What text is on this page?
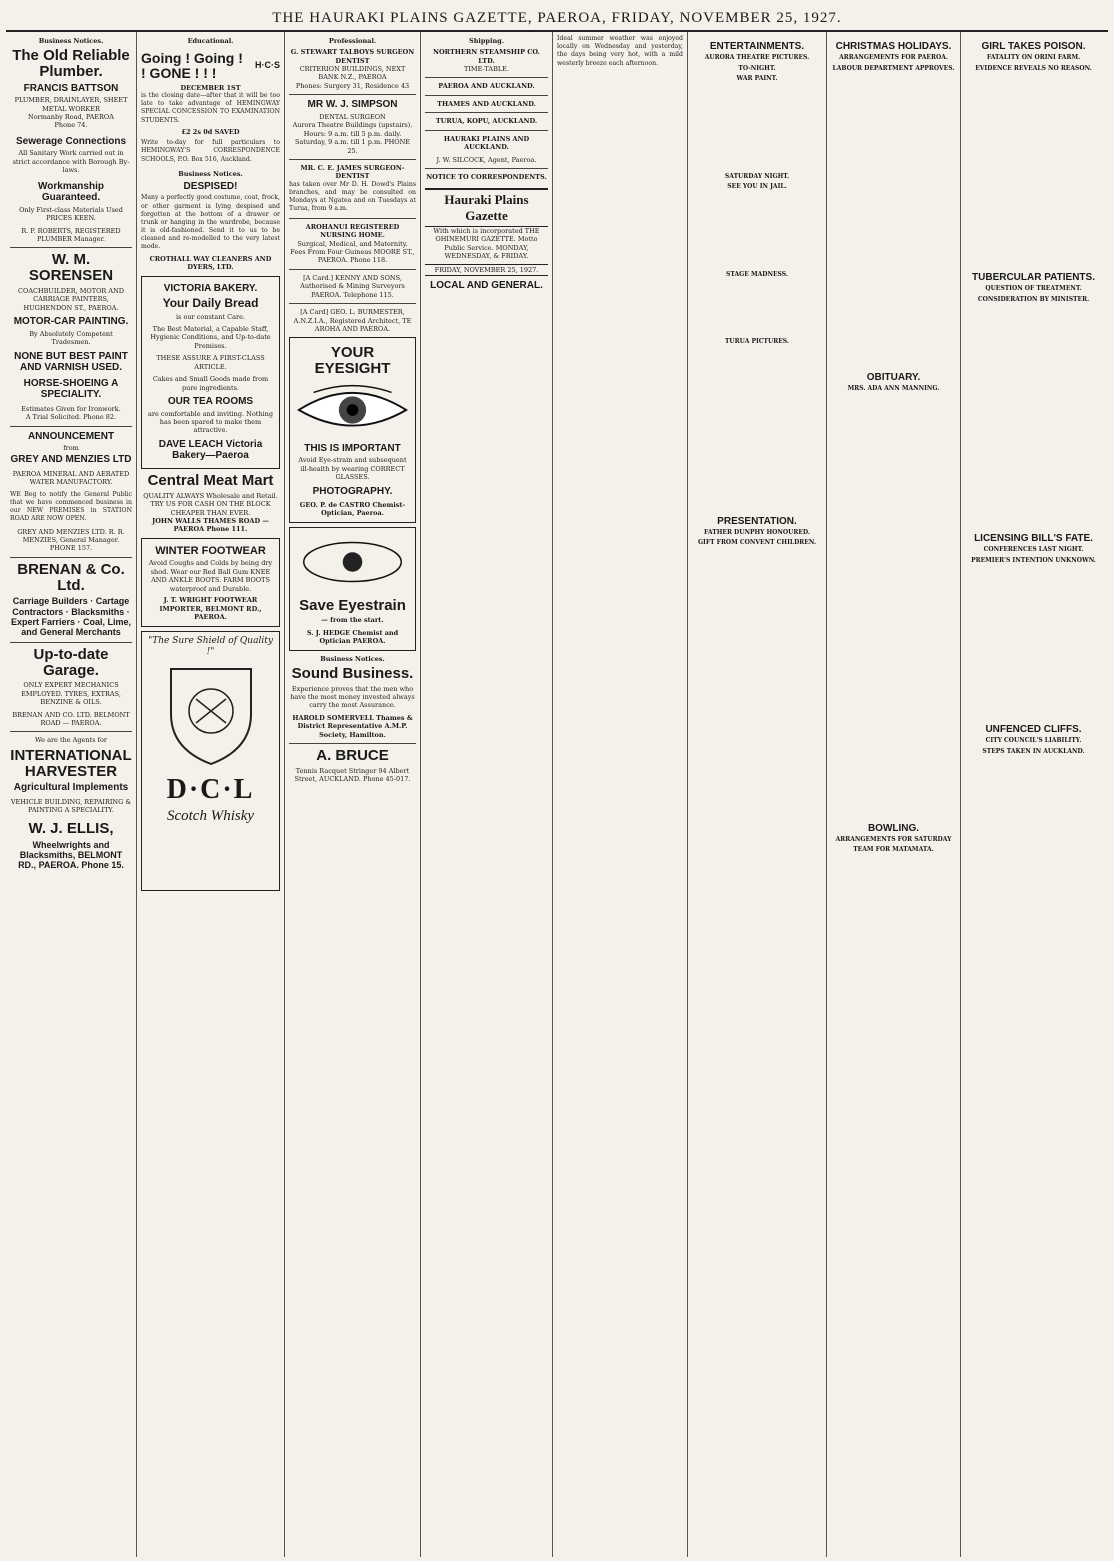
THE HAURAKI PLAINS GAZETTE, PAEROA, FRIDAY, NOVEMBER 25, 1927.
Business Notices.
The Old Reliable Plumber.
FRANCIS BATTSON
PLUMBER, DRAINLAYER, SHEET METAL WORKER
Normanby Road, PAEROA
Phone 74.
Sewerage Connections
All Sanitary Work carried out in strict accordance with Borough By-laws.
Workmanship Guaranteed.
Only First-class Materials Used PRICES KEEN.
R. P. ROBERTS, REGISTERED PLUMBER Manager.
W. M. SORENSEN
COACHBUILDER, MOTOR AND CARRIAGE PAINTERS, HUGHENDON ST., PAEROA.
MOTOR-CAR PAINTING.
By Absolutely Competent Tradesmen.
NONE BUT BEST PAINT AND VARNISH USED.
HORSE-SHOEING A SPECIALITY.
Estimates Given for Ironwork.
A Trial Solicited. Phone 82.
ANNOUNCEMENT
from
GREY AND MENZIES LTD
PAEROA MINERAL AND AERATED WATER MANUFACTORY.
WE Beg to notify the General Public that we have commenced business in our NEW PREMISES in STATION ROAD ARE NOW OPEN.
GREY AND MENZIES LTD. R. R. MENZIES, General Manager. PHONE 157.
BRENAN & Co. Ltd.
Carriage Builders · Cartage Contractors · Blacksmiths · Expert Farriers · Coal, Lime, and General Merchants
Up-to-date Garage.
ONLY EXPERT MECHANICS EMPLOYED. TYRES, EXTRAS, BENZINE & OILS.
BRENAN AND CO. LTD. BELMONT ROAD — PAEROA.
We are the Agents for
INTERNATIONAL HARVESTER
Agricultural Implements
VEHICLE BUILDING, REPAIRING & PAINTING A SPECIALITY.
W. J. ELLIS,
Wheelwrights and Blacksmiths, BELMONT RD., PAEROA. Phone 15.
Educational.
Going ! Going ! ! GONE ! ! !	H·C·S
DECEMBER 1ST
is the closing date—after that it will be too late to take advantage of HEMINGWAY SPECIAL CONCESSION TO EXAMINATION STUDENTS.
£2 2s 0d SAVED
Write to-day for full particulars to HEMINGWAY'S CORRESPONDENCE SCHOOLS, P.O. Box 516, Auckland.
Business Notices.
DESPISED!
Many a perfectly good costume, coat, frock, or other garment is lying despised and forgotten at the bottom of a drawer or trunk or hanging in the wardrobe, because it is old-fashioned. Send it to us to be cleaned and re-modelled to the very latest mode.
CROTHALL WAY CLEANERS AND DYERS, LTD.
VICTORIA BAKERY.
Your Daily Bread
is our constant Care.
The Best Material, a Capable Staff, Hygienic Conditions, and Up-to-date Premises.
THESE ASSURE A FIRST-CLASS ARTICLE.
Cakes and Small Goods made from pure ingredients.
OUR TEA ROOMS
are comfortable and inviting. Nothing has been spared to make them attractive.
DAVE LEACH Victoria Bakery—Paeroa
Central Meat Mart
QUALITY ALWAYS Wholesale and Retail.
TRY US FOR CASH ON THE BLOCK CHEAPER THAN EVER.
JOHN WALLS THAMES ROAD — PAEROA Phone 111.
WINTER FOOTWEAR
Avoid Coughs and Colds by being dry shod. Wear our Red Ball Gum KNEE AND ANKLE BOOTS. FARM BOOTS waterproof and Durable.
J. T. WRIGHT FOOTWEAR IMPORTER, BELMONT RD., PAEROA.
"The Sure Shield of Quality !"
D·C·L
Scotch Whisky
Professional.
G. STEWART TALBOYS SURGEON DENTIST
CRITERION BUILDINGS, NEXT BANK N.Z., PAEROA
Phones: Surgery 31, Residence 43
MR W. J. SIMPSON
DENTAL SURGEON
Aurora Theatre Buildings (upstairs).
Hours: 9 a.m. till 5 p.m. daily. Saturday, 9 a.m. till 1 p.m. PHONE 25.
MR. C. E. JAMES SURGEON-DENTIST
has taken over Mr D. H. Dowd's Plains branches, and may be consulted on Mondays at Ngatea and on Tuesdays at Turua, from 9 a.m.
AROHANUI REGISTERED NURSING HOME.
Surgical, Medical, and Maternity. Fees From Four Guineas MOORE ST., PAEROA. Phone 118.
[A Card.] KENNY AND SONS, Authorised & Mining Surveyors PAEROA. Telephone 115.
[A Card] GEO. L. BURMESTER, A.N.Z.I.A., Registered Architect, TE AROHA AND PAEROA.
YOUR EYESIGHT
THIS IS IMPORTANT
Avoid Eye-strain and subsequent ill-health by wearing CORRECT GLASSES.
PHOTOGRAPHY.
GEO. P. de CASTRO Chemist-Optician, Paeroa.
Save Eyestrain
— from the start.
S. J. HEDGE Chemist and Optician PAEROA.
Business Notices.
Sound Business.
Experience proves that the men who have the most money invested always carry the most Assurance.
HAROLD SOMERVELL Thames & District Representative A.M.P. Society, Hamilton.
A. BRUCE
Tennis Racquet Stringer 94 Albert Street, AUCKLAND. Phone 45-017.
Shipping.
NORTHERN STEAMSHIP CO. LTD.
TIME-TABLE.
PAEROA AND AUCKLAND.
THAMES AND AUCKLAND.
TURUA, KOPU, AUCKLAND.
HAURAKI PLAINS AND AUCKLAND.
J. W. SILCOCK, Agent, Paeroa.
NOTICE TO CORRESPONDENTS.
Hauraki Plains Gazette
With which is incorporated THE OHINEMURI GAZETTE. Motto Public Service. MONDAY, WEDNESDAY, & FRIDAY.
FRIDAY, NOVEMBER 25, 1927.
LOCAL AND GENERAL.
Ideal summer weather was enjoyed locally on Wednesday and yesterday, the days being very hot, with a mild westerly breeze each afternoon.
ENTERTAINMENTS.
AURORA THEATRE PICTURES.
TO-NIGHT.
WAR PAINT.
SATURDAY NIGHT.
SEE YOU IN JAIL.
STAGE MADNESS.
TURUA PICTURES.
PRESENTATION.
FATHER DUNPHY HONOURED.
GIFT FROM CONVENT CHILDREN.
CHRISTMAS HOLIDAYS.
ARRANGEMENTS FOR PAEROA.
LABOUR DEPARTMENT APPROVES.
OBITUARY.
MRS. ADA ANN MANNING.
BOWLING.
ARRANGEMENTS FOR SATURDAY
TEAM FOR MATAMATA.
GIRL TAKES POISON.
FATALITY ON ORINI FARM.
EVIDENCE REVEALS NO REASON.
TUBERCULAR PATIENTS.
QUESTION OF TREATMENT.
CONSIDERATION BY MINISTER.
LICENSING BILL'S FATE.
CONFERENCES LAST NIGHT.
PREMIER'S INTENTION UNKNOWN.
UNFENCED CLIFFS.
CITY COUNCIL'S LIABILITY.
STEPS TAKEN IN AUCKLAND.
